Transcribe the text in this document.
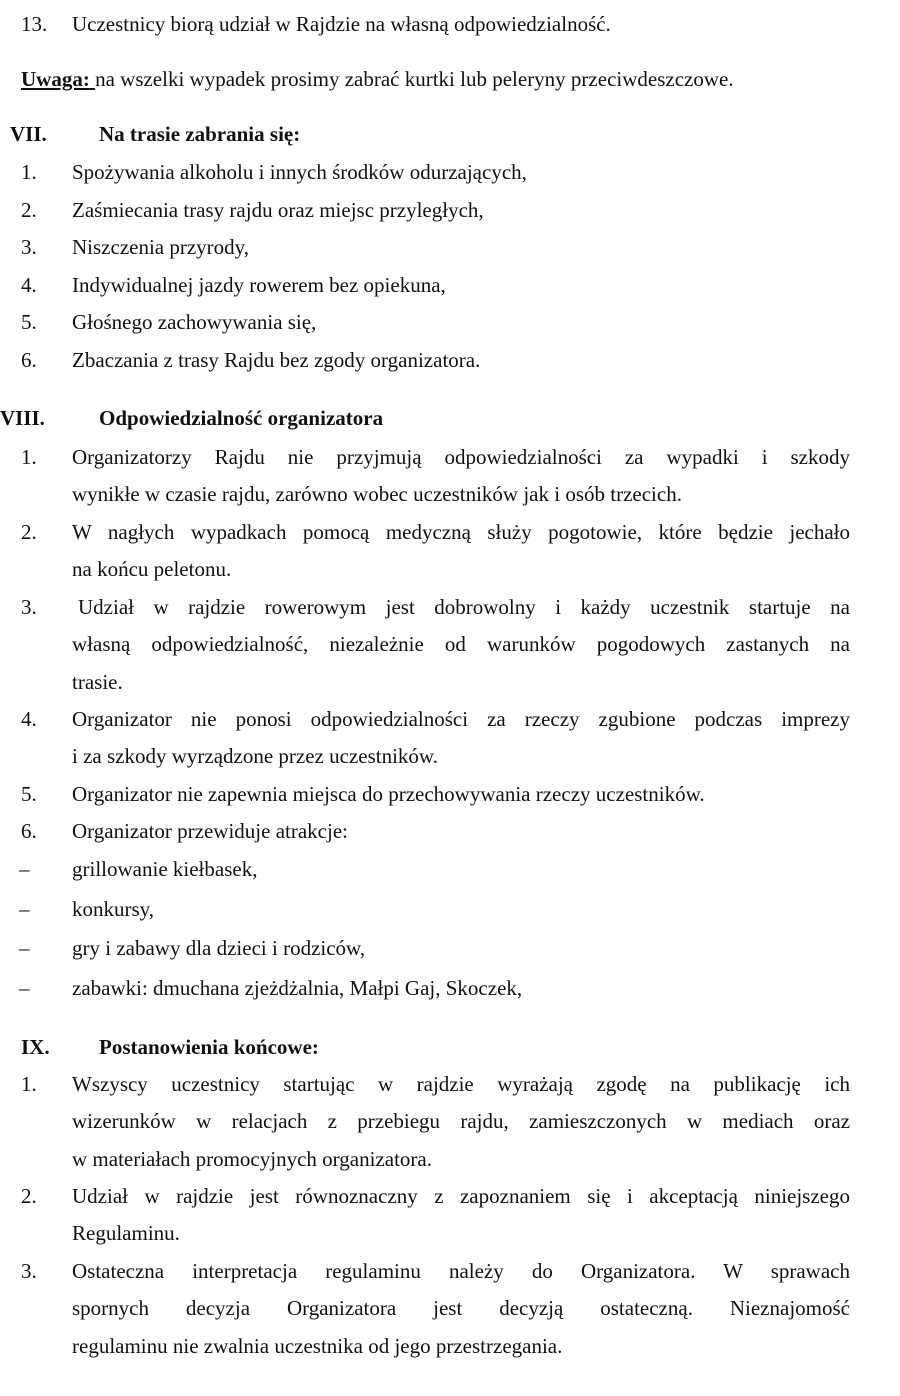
13. Uczestnicy biorą udział w Rajdzie na własną odpowiedzialność.
Uwaga: na wszelki wypadek prosimy zabrać kurtki lub peleryny przeciwdeszczowe.
VII. Na trasie zabrania się:
1. Spożywania alkoholu i innych środków odurzających,
2. Zaśmiecania trasy rajdu oraz miejsc przyległych,
3. Niszczenia przyrody,
4. Indywidualnej jazdy rowerem bez opiekuna,
5. Głośnego zachowywania się,
6. Zbaczania z trasy Rajdu bez zgody organizatora.
VIII.	Odpowiedzialność organizatora
1. Organizatorzy Rajdu nie przyjmują odpowiedzialności za wypadki i szkody
wynikłe w czasie rajdu, zarówno wobec uczestników jak i osób trzecich.
2. W nagłych wypadkach pomocą medyczną służy pogotowie, które będzie jechało
na końcu peletonu.
3. Udział w rajdzie rowerowym jest dobrowolny i każdy uczestnik startuje na
własną odpowiedzialność, niezależnie od warunków pogodowych zastanych na
trasie.
4. Organizator nie ponosi odpowiedzialności za rzeczy zgubione podczas imprezy
i za szkody wyrządzone przez uczestników.
5. Organizator nie zapewnia miejsca do przechowywania rzeczy uczestników.
6. Organizator przewiduje atrakcje:
– grillowanie kiełbasek,
– konkursy,
– gry i zabawy dla dzieci i rodziców,
– zabawki: dmuchana zjeżdżalnia, Małpi Gaj, Skoczek,
IX. Postanowienia końcowe:
1. Wszyscy uczestnicy startując w rajdzie wyrażają zgodę na publikację ich
wizerunków w relacjach z przebiegu rajdu, zamieszczonych w mediach oraz
w materiałach promocyjnych organizatora.
2. Udział w rajdzie jest równoznaczny z zapoznaniem się i akceptacją niniejszego
Regulaminu.
3. Ostateczna interpretacja regulaminu należy do Organizatora. W sprawach
spornych decyzja Organizatora jest decyzją ostateczną. Nieznajomość
regulaminu nie zwalnia uczestnika od jego przestrzegania.
